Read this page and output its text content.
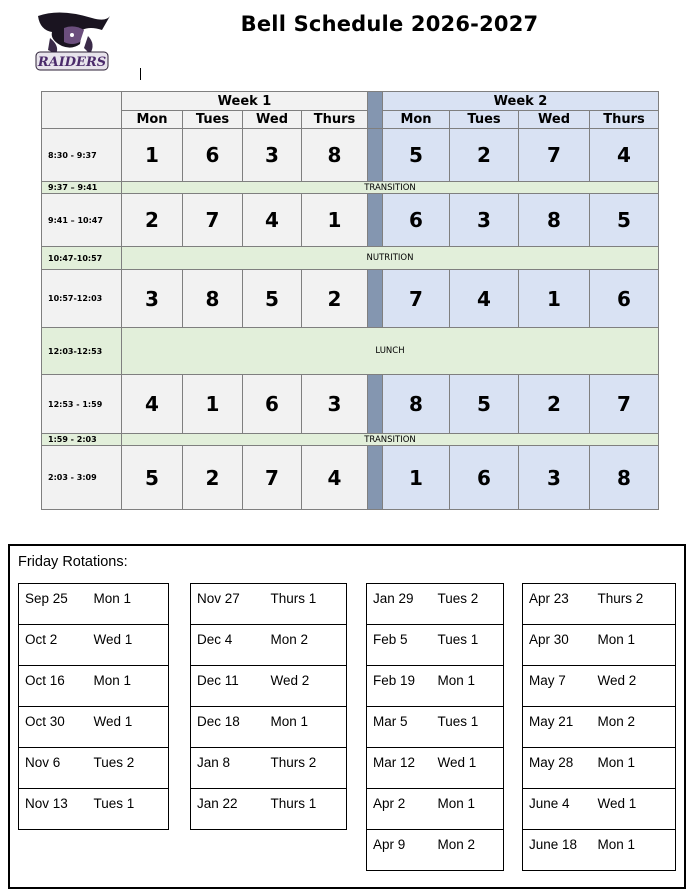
RAIDERS
Bell Schedule 2026-2027
	Week 1					Week 2			
	Mon	Tues	Wed	Thurs		Mon	Tues	Wed	Thurs
8:30 - 9:37	1	6	3	8		5	2	7	4
9:37 – 9:41	TRANSITION								
9:41 – 10:47	2	7	4	1		6	3	8	5
10:47-10:57	NUTRITION								
10:57-12:03	3	8	5	2		7	4	1	6
12:03-12:53	LUNCH								
12:53 - 1:59	4	1	6	3		8	5	2	7
1:59 - 2:03	TRANSITION								
2:03 - 3:09	5	2	7	4		1	6	3	8
Friday Rotations:
Sep 25	Mon 1
Oct 2	Wed 1
Oct 16	Mon 1
Oct 30	Wed 1
Nov 6	Tues 2
Nov 13	Tues 1
Nov 27	Thurs 1
Dec 4	Mon 2
Dec 11	Wed 2
Dec 18	Mon 1
Jan 8	Thurs 2
Jan 22	Thurs 1
Jan 29	Tues 2
Feb 5	Tues 1
Feb 19	Mon 1
Mar 5	Tues 1
Mar 12	Wed 1
Apr 2	Mon 1
Apr 9	Mon 2
Apr 23	Thurs 2
Apr 30	Mon 1
May 7	Wed 2
May 21	Mon 2
May 28	Mon 1
June 4	Wed 1
June 18	Mon 1
